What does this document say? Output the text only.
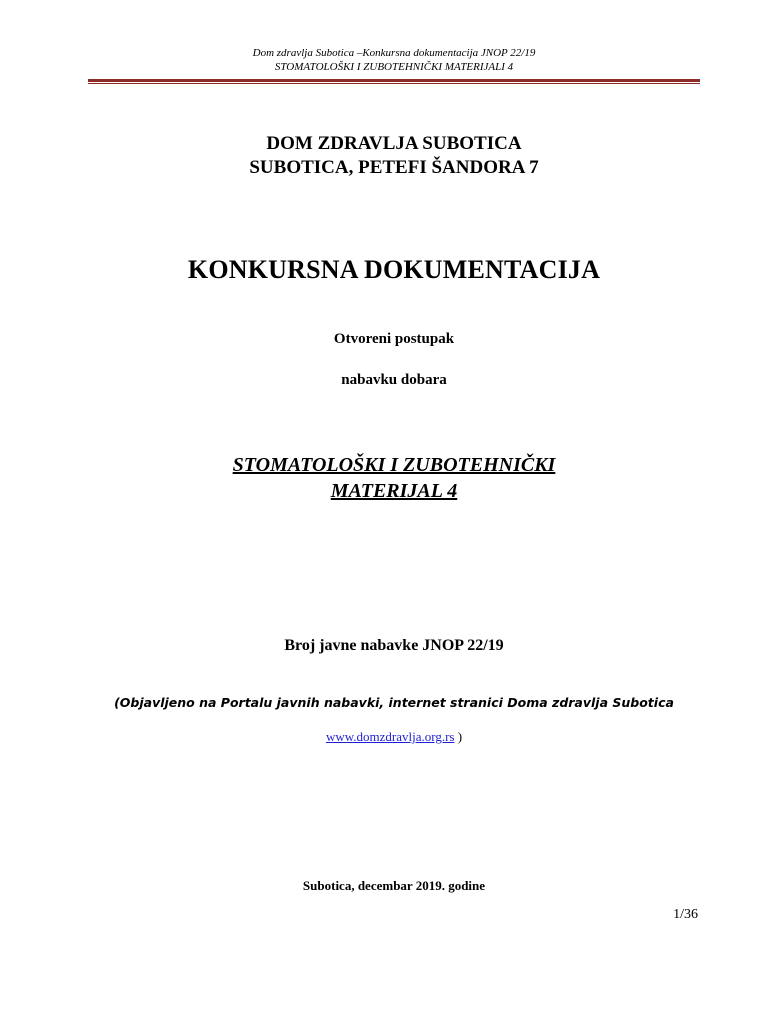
Dom zdravlja Subotica –Konkursna dokumentacija JNOP 22/19
STOMATOLOŠKI I ZUBOTEHNIČKI MATERIJALI 4
DOM ZDRAVLJA SUBOTICA
SUBOTICA, PETEFI ŠANDORA 7
KONKURSNA DOKUMENTACIJA
Otvoreni postupak
nabavku dobara
STOMATOLOŠKI I ZUBOTEHNIČKI
MATERIJAL 4
Broj javne nabavke JNOP 22/19
(Objavljeno na Portalu javnih nabavki, internet stranici Doma zdravlja Subotica
www.domzdravlja.org.rs )
Subotica, decembar 2019. godine
1/36
